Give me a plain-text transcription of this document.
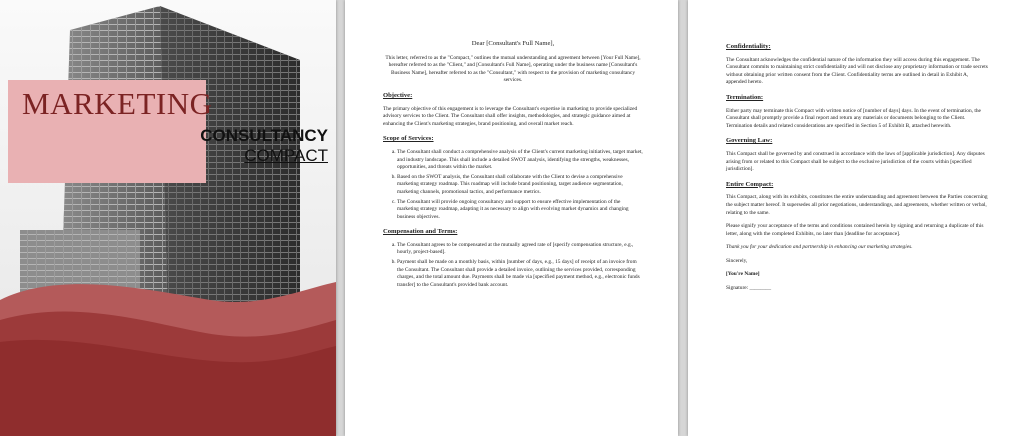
MARKETING
CONSULTANCY
COMPACT
Dear [Consultant's Full Name],

This letter, referred to as the "Compact," outlines the mutual understanding and agreement between [Your Full Name], hereafter referred to as the "Client," and [Consultant's Full Name], operating under the business name [Consultant's Business Name], hereafter referred to as the "Consultant," with respect to the provision of marketing consultancy services.

Objective:

The primary objective of this engagement is to leverage the Consultant's expertise in marketing to provide specialized advisory services to the Client. The Consultant shall offer insights, methodologies, and strategic guidance aimed at enhancing the Client's marketing strategies, brand positioning, and overall market reach.

Scope of Services:
a. The Consultant shall conduct a comprehensive analysis of the Client's current marketing initiatives, target market, and industry landscape. This shall include a detailed SWOT analysis, identifying the strengths, weaknesses, opportunities, and threats within the market.
b. Based on the SWOT analysis, the Consultant shall collaborate with the Client to devise a comprehensive marketing strategy roadmap. This roadmap will include brand positioning, target audience segmentation, marketing channels, promotional tactics, and performance metrics.
c. The Consultant will provide ongoing consultancy and support to ensure effective implementation of the marketing strategy roadmap, adapting it as necessary to align with evolving market dynamics and changing business objectives.
Compensation and Terms:
a. The Consultant agrees to be compensated at the mutually agreed rate of [specify compensation structure, e.g., hourly, project-based].
b. Payment shall be made on a monthly basis, within [number of days, e.g., 15 days] of receipt of an invoice from the Consultant. The Consultant shall provide a detailed invoice, outlining the services provided, corresponding charges, and the total amount due. Payments shall be made via [specified payment method, e.g., electronic funds transfer] to the Consultant's provided bank account.
Confidentiality:

The Consultant acknowledges the confidential nature of the information they will access during this engagement. The Consultant commits to maintaining strict confidentiality and will not disclose any proprietary information or trade secrets without obtaining prior written consent from the Client. Confidentiality terms are outlined in detail in Exhibit A, appended hereto.

Termination:

Either party may terminate this Compact with written notice of [number of days] days. In the event of termination, the Consultant shall promptly provide a final report and return any materials or documents belonging to the Client. Termination details and related considerations are specified in Section 5 of Exhibit B, attached herewith.

Governing Law:

This Compact shall be governed by and construed in accordance with the laws of [applicable jurisdiction]. Any disputes arising from or related to this Compact shall be subject to the exclusive jurisdiction of the courts within [specified jurisdiction].

Entire Compact:

This Compact, along with its exhibits, constitutes the entire understanding and agreement between the Parties concerning the subject matter hereof. It supersedes all prior negotiations, understandings, and agreements, whether written or verbal, relating to the same.

Please signify your acceptance of the terms and conditions contained herein by signing and returning a duplicate of this letter, along with the completed Exhibits, no later than [deadline for acceptance].

Thank you for your dedication and partnership in enhancing our marketing strategies.

Sincerely,

[You're Name]

Signature: ________
